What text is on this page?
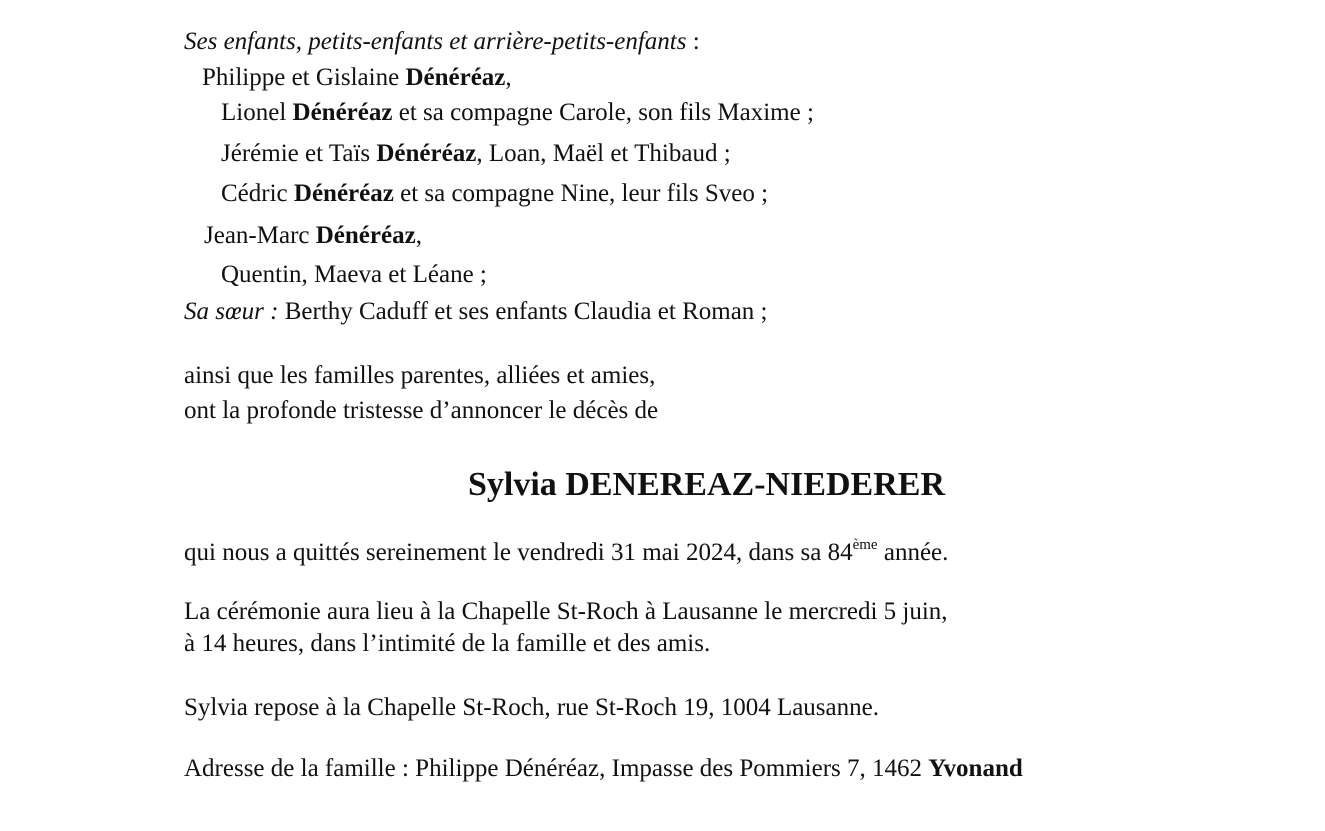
Ses enfants, petits-enfants et arrière-petits-enfants :
Philippe et Gislaine Dénéréaz,
Lionel Dénéréaz et sa compagne Carole, son fils Maxime ;
Jérémie et Taïs Dénéréaz, Loan, Maël et Thibaud ;
Cédric Dénéréaz et sa compagne Nine, leur fils Sveo ;
Jean-Marc Dénéréaz,
Quentin, Maeva et Léane ;
Sa sœur : Berthy Caduff et ses enfants Claudia et Roman ;
ainsi que les familles parentes, alliées et amies,
ont la profonde tristesse d’annoncer le décès de
Sylvia DENEREAZ-NIEDERER
qui nous a quittés sereinement le vendredi 31 mai 2024, dans sa 84ème année.
La cérémonie aura lieu à la Chapelle St-Roch à Lausanne le mercredi 5 juin,
à 14 heures, dans l’intimité de la famille et des amis.
Sylvia repose à la Chapelle St-Roch, rue St-Roch 19, 1004 Lausanne.
Adresse de la famille : Philippe Dénéréaz, Impasse des Pommiers 7, 1462 Yvonand
